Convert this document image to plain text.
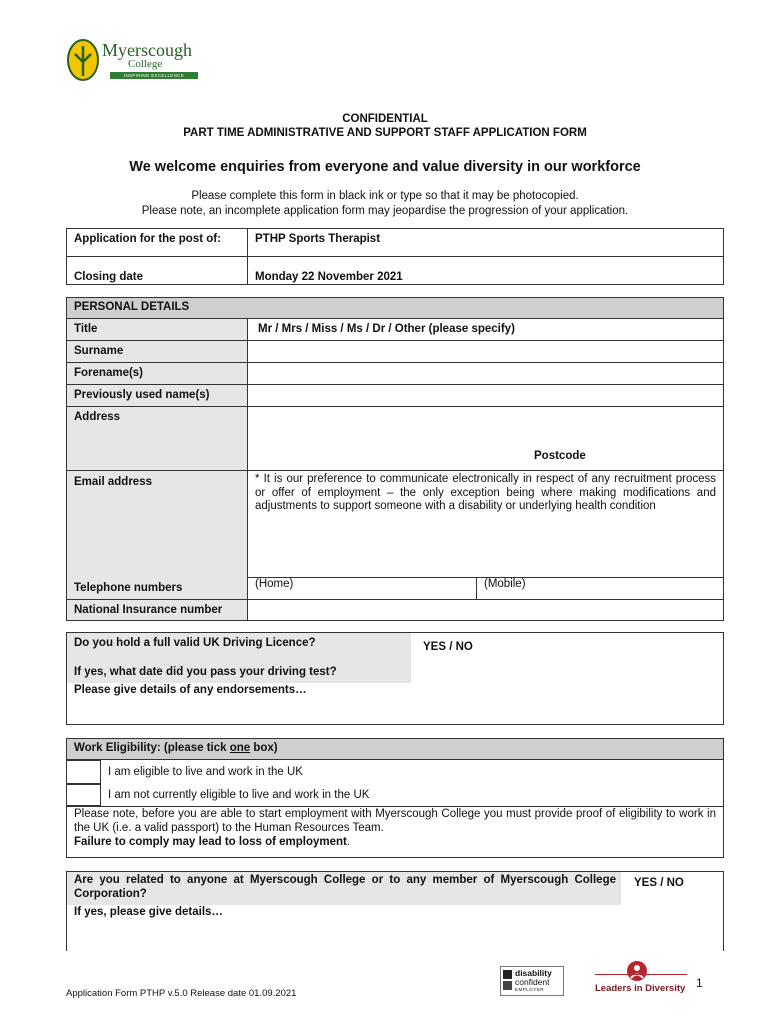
Myerscough
College
INSPIRING EXCELLENCE
CONFIDENTIAL
PART TIME ADMINISTRATIVE AND SUPPORT STAFF APPLICATION FORM
We welcome enquiries from everyone and value diversity in our workforce
Please complete this form in black ink or type so that it may be photocopied.
Please note, an incomplete application form may jeopardise the progression of your application.
Application for the post of:	PTHP Sports Therapist
Closing date	Monday 22 November 2021
PERSONAL DETAILS
Title	Mr / Mrs / Miss / Ms / Dr / Other (please specify)
Surname
Forename(s)
Previously used name(s)
Address
Postcode
Email address	* It is our preference to communicate electronically in respect of any recruitment process or offer of employment – the only exception being where making modifications and adjustments to support someone with a disability or underlying health condition
Telephone numbers	(Home)	(Mobile)
National Insurance number
Do you hold a full valid UK Driving Licence?	YES / NO
If yes, what date did you pass your driving test?
Please give details of any endorsements…
Work Eligibility: (please tick one box)
I am eligible to live and work in the UK
I am not currently eligible to live and work in the UK
Please note, before you are able to start employment with Myerscough College you must provide proof of eligibility to work in the UK (i.e. a valid passport) to the Human Resources Team.
Failure to comply may lead to loss of employment.
Are you related to anyone at Myerscough College or to any member of Myerscough College Corporation?
YES / NO
If yes, please give details…
Application Form PTHP v.5.0 Release date 01.09.2021
disability
confident
EMPLOYER	Leaders in Diversity 1
